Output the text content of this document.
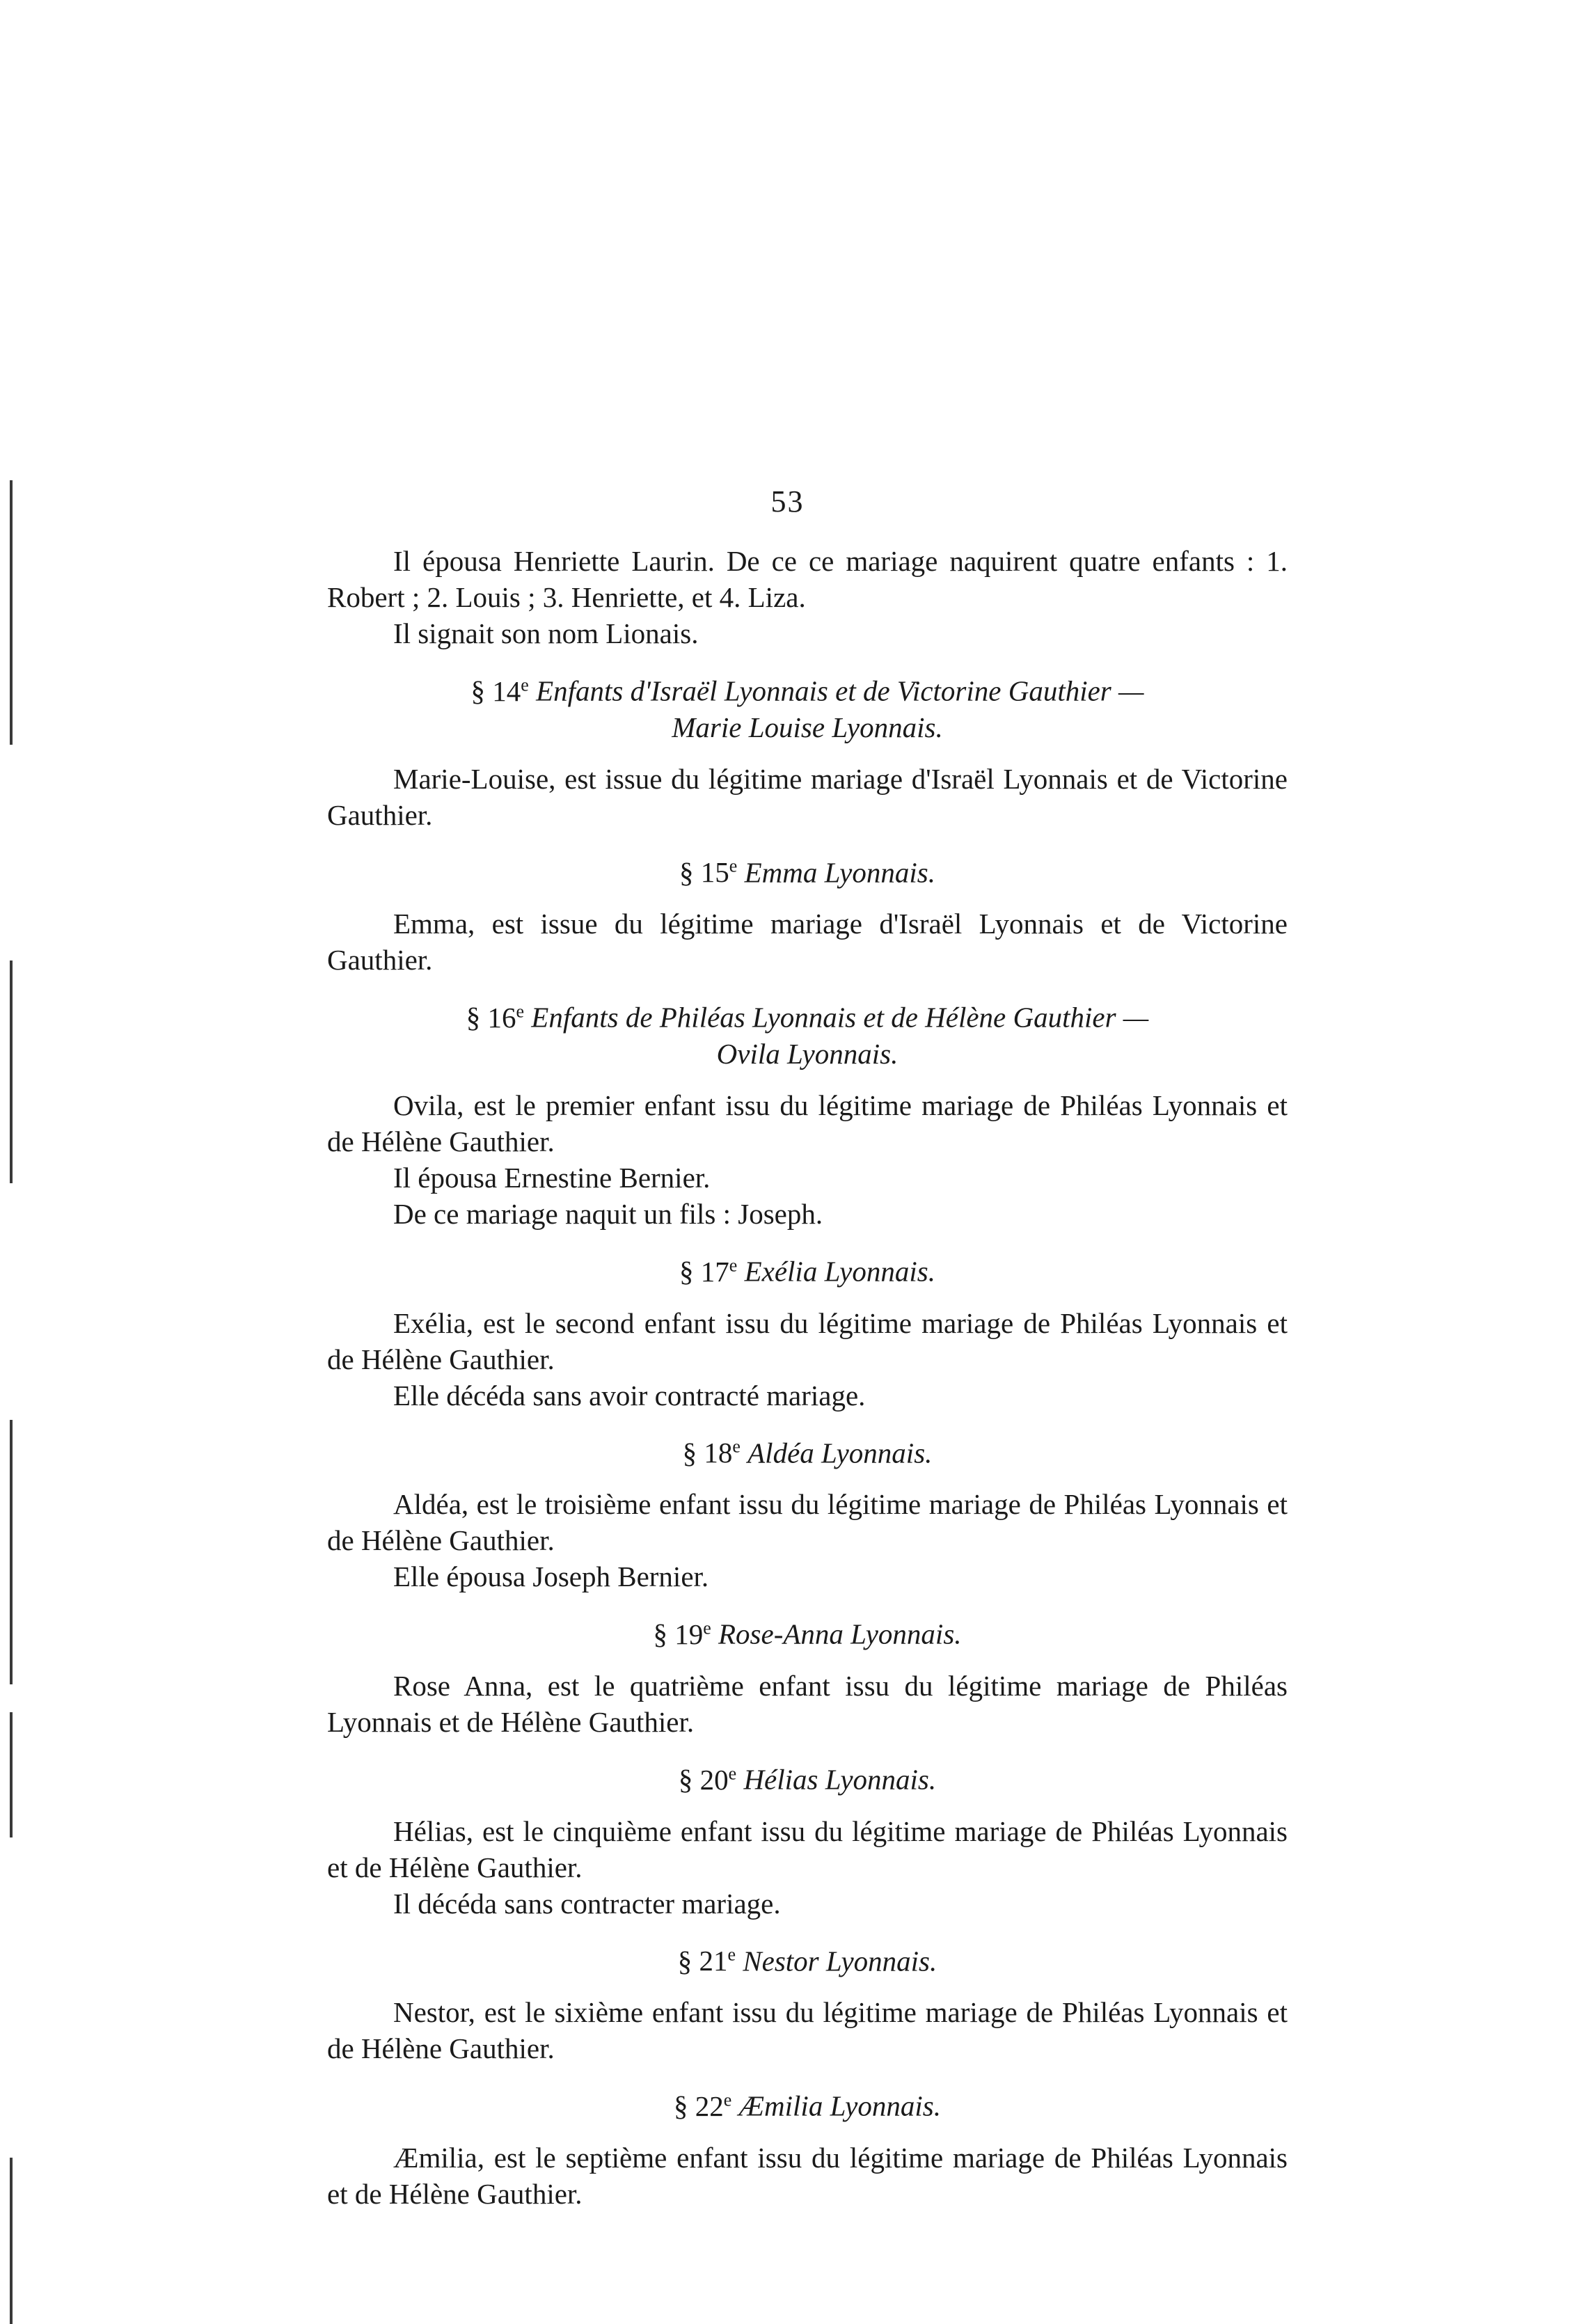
53

Il épousa Henriette Laurin. De ce ce mariage naquirent quatre enfants : 1. Robert ; 2. Louis ; 3. Henriette, et 4. Liza.

Il signait son nom Lionais.

§ 14e Enfants d'Israël Lyonnais et de Victorine Gauthier —
Marie Louise Lyonnais.

Marie-Louise, est issue du légitime mariage d'Israël Lyonnais et de Victorine Gauthier.

§ 15e Emma Lyonnais.

Emma, est issue du légitime mariage d'Israël Lyonnais et de Victorine Gauthier.

§ 16e Enfants de Philéas Lyonnais et de Hélène Gauthier —
Ovila Lyonnais.

Ovila, est le premier enfant issu du légitime mariage de Philéas Lyonnais et de Hélène Gauthier.

Il épousa Ernestine Bernier.

De ce mariage naquit un fils : Joseph.

§ 17e Exélia Lyonnais.

Exélia, est le second enfant issu du légitime mariage de Philéas Lyonnais et de Hélène Gauthier.

Elle décéda sans avoir contracté mariage.

§ 18e Aldéa Lyonnais.

Aldéa, est le troisième enfant issu du légitime mariage de Philéas Lyonnais et de Hélène Gauthier.

Elle épousa Joseph Bernier.

§ 19e Rose-Anna Lyonnais.

Rose Anna, est le quatrième enfant issu du légitime mariage de Philéas Lyonnais et de Hélène Gauthier.

§ 20e Hélias Lyonnais.

Hélias, est le cinquième enfant issu du légitime mariage de Philéas Lyonnais et de Hélène Gauthier.

Il décéda sans contracter mariage.

§ 21e Nestor Lyonnais.

Nestor, est le sixième enfant issu du légitime mariage de Philéas Lyonnais et de Hélène Gauthier.

§ 22e Æmilia Lyonnais.

Æmilia, est le septième enfant issu du légitime mariage de Philéas Lyonnais et de Hélène Gauthier.
